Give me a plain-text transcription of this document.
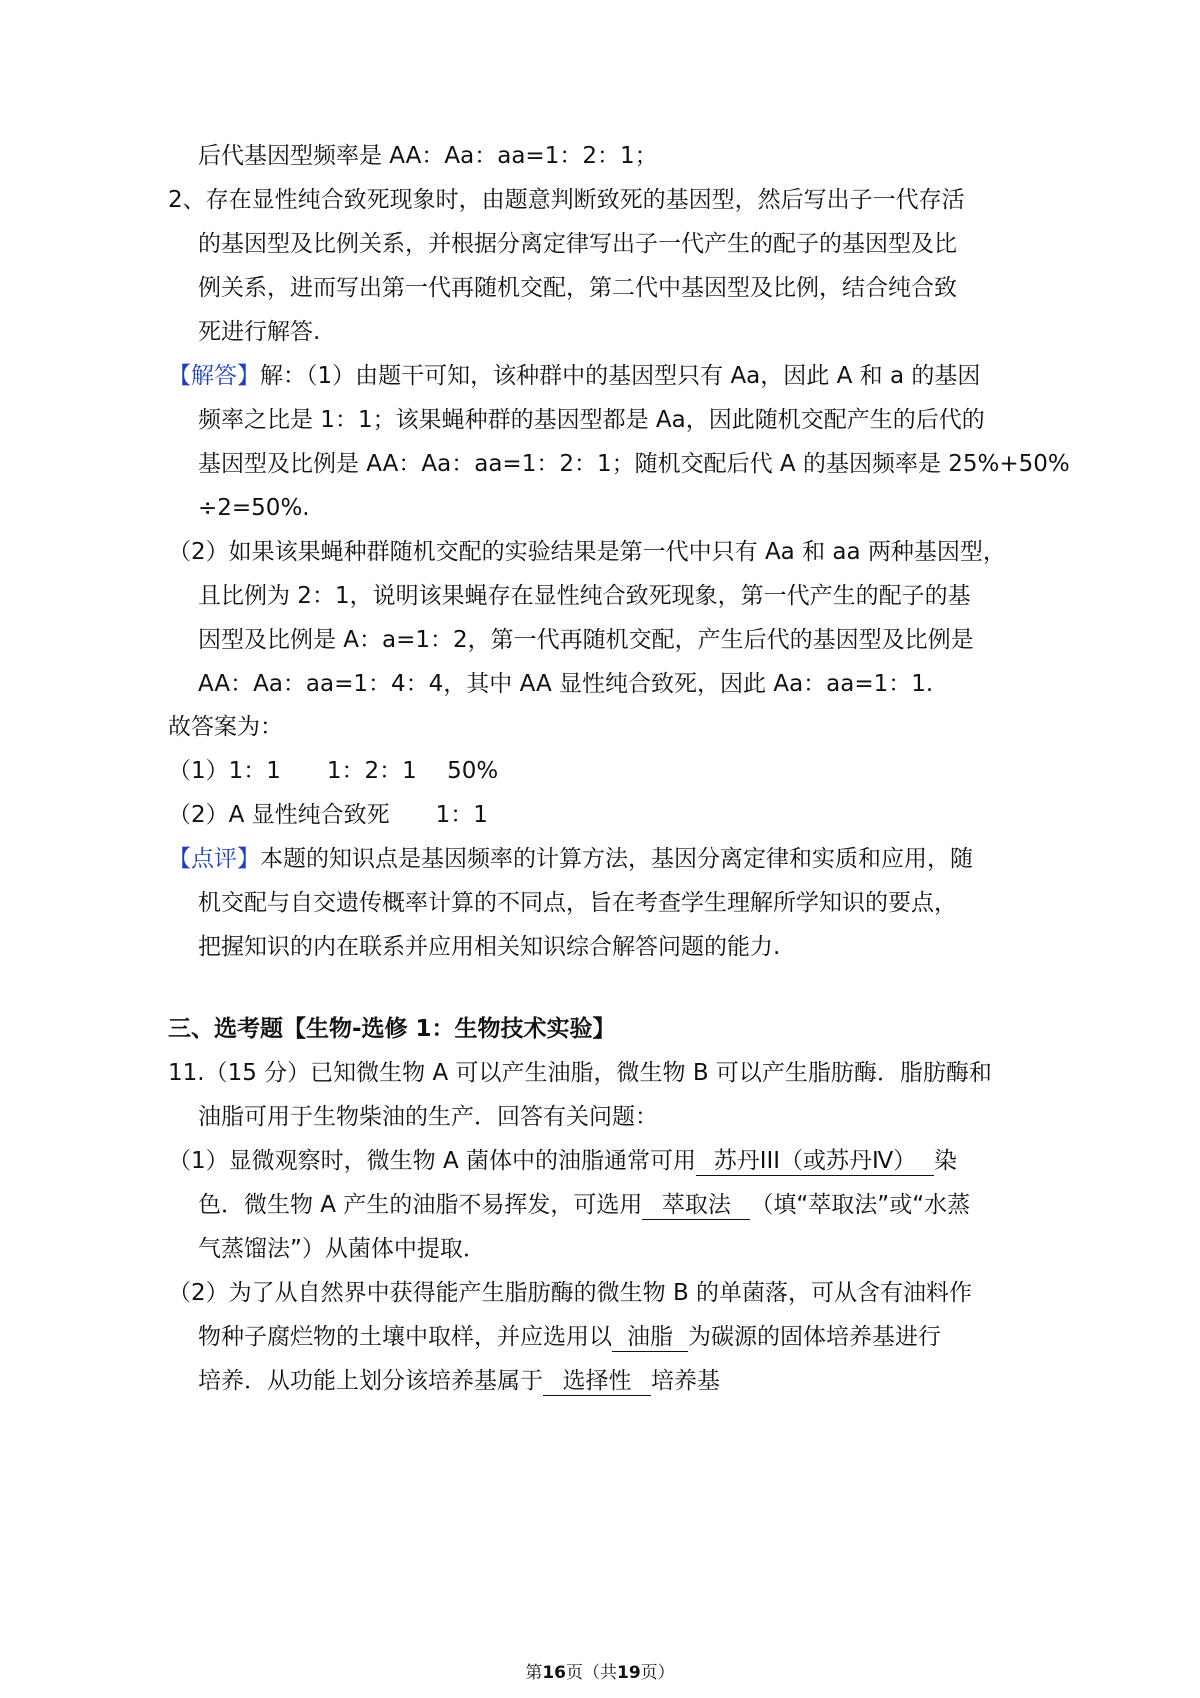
后代基因型频率是 AA：Aa：aa=1：2：1；
2、存在显性纯合致死现象时，由题意判断致死的基因型，然后写出子一代存活
的基因型及比例关系，并根据分离定律写出子一代产生的配子的基因型及比
例关系，进而写出第一代再随机交配，第二代中基因型及比例，结合纯合致
死进行解答.
【解答】解：（1）由题干可知，该种群中的基因型只有 Aa，因此 A 和 a 的基因
频率之比是 1：1；该果蝇种群的基因型都是 Aa，因此随机交配产生的后代的
基因型及比例是 AA：Aa：aa=1：2：1；随机交配后代 A 的基因频率是 25%+50%
÷2=50%.
（2）如果该果蝇种群随机交配的实验结果是第一代中只有 Aa 和 aa 两种基因型，
且比例为 2：1，说明该果蝇存在显性纯合致死现象，第一代产生的配子的基
因型及比例是 A：a=1：2，第一代再随机交配，产生后代的基因型及比例是
AA：Aa：aa=1：4：4，其中 AA 显性纯合致死，因此 Aa：aa=1：1.
故答案为：
（1）1：1　　1：2：1　 50%
（2）A 显性纯合致死　　1：1
【点评】本题的知识点是基因频率的计算方法，基因分离定律和实质和应用，随
机交配与自交遗传概率计算的不同点，旨在考查学生理解所学知识的要点，
把握知识的内在联系并应用相关知识综合解答问题的能力.
三、选考题【生物-选修 1：生物技术实验】
11.（15 分）已知微生物 A 可以产生油脂，微生物 B 可以产生脂肪酶．脂肪酶和
油脂可用于生物柴油的生产．回答有关问题：
（1）显微观察时，微生物 A 菌体中的油脂通常可用 苏丹III（或苏丹Ⅳ） 染
色．微生物 A 产生的油脂不易挥发，可选用 萃取法 （填“萃取法”或“水蒸
气蒸馏法”）从菌体中提取．
（2）为了从自然界中获得能产生脂肪酶的微生物 B 的单菌落，可从含有油料作
物种子腐烂物的土壤中取样，并应选用以 油脂 为碳源的固体培养基进行
培养．从功能上划分该培养基属于 选择性 培养基
第16页（共19页）
